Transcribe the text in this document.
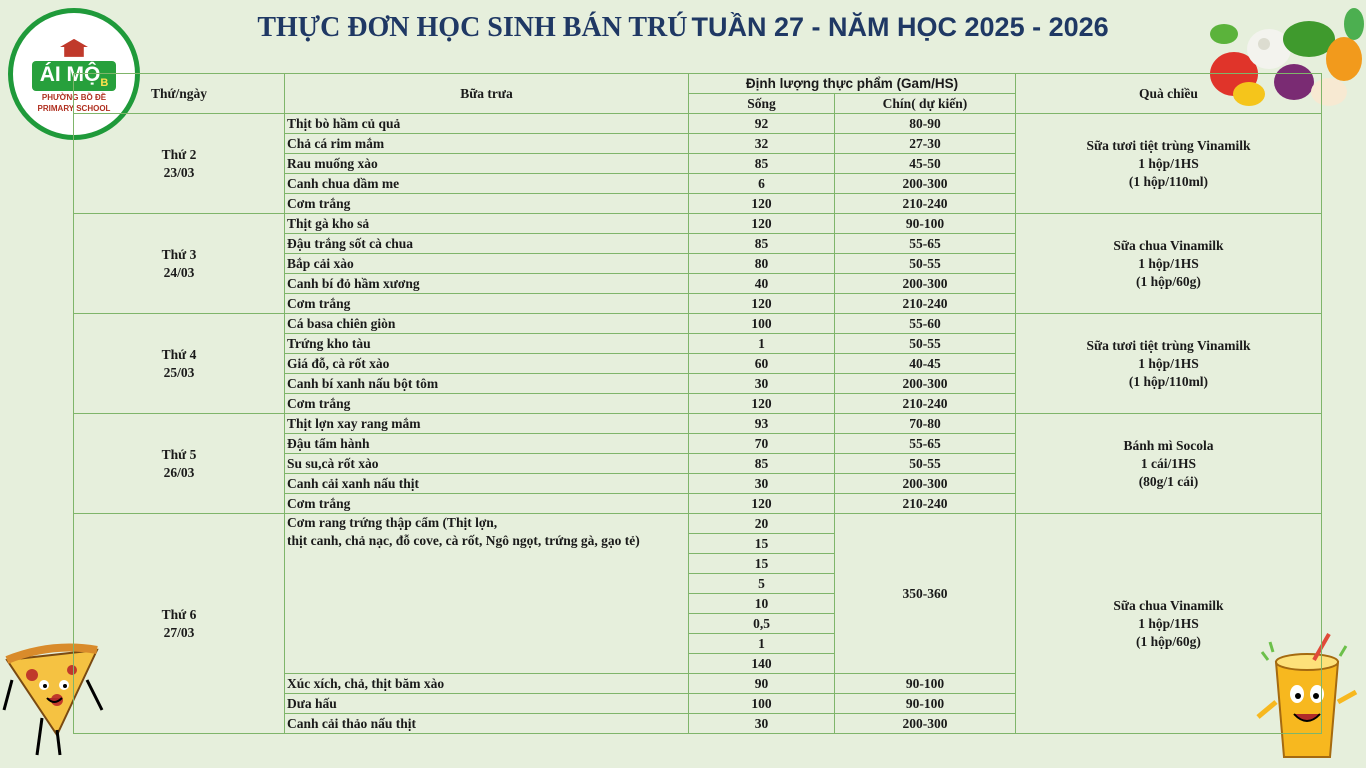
THỰC ĐƠN HỌC SINH BÁN TRÚ TUẦN 27 - NĂM HỌC 2025 - 2026
ÁI MỘ$_B$
PHƯỜNG BỒ ĐỀ
PRIMARY SCHOOL
Thứ/ngày	Bữa trưa	Định lượng thực phẩm (Gam/HS)		Quà chiều
		Sống	Chín( dự kiến)	
Thứ 2
23/03	Thịt bò hầm củ quả	92	80-90	Sữa tươi tiệt trùng Vinamilk
1 hộp/1HS
(1 hộp/110ml)
	Chả cá rim mắm	32	27-30	
	Rau muống xào	85	45-50	
	Canh chua dầm me	6	200-300	
	Cơm trắng	120	210-240	
Thứ 3
24/03	Thịt gà kho sả	120	90-100	Sữa chua Vinamilk
1 hộp/1HS
(1 hộp/60g)
	Đậu trắng sốt cà chua	85	55-65	
	Bắp cải xào	80	50-55	
	Canh bí đỏ hầm xương	40	200-300	
	Cơm trắng	120	210-240	
Thứ 4
25/03	Cá basa chiên giòn	100	55-60	Sữa tươi tiệt trùng Vinamilk
1 hộp/1HS
(1 hộp/110ml)
	Trứng kho tàu	1	50-55	
	Giá đỗ, cà rốt xào	60	40-45	
	Canh bí xanh nấu bột tôm	30	200-300	
	Cơm trắng	120	210-240	
Thứ 5
26/03	Thịt lợn xay rang mắm	93	70-80	Bánh mì Socola
1 cái/1HS
(80g/1 cái)
	Đậu tẩm hành	70	55-65	
	Su su,cà rốt xào	85	50-55	
	Canh cải xanh nấu thịt	30	200-300	
	Cơm trắng	120	210-240	
Thứ 6
27/03	Cơm rang trứng thập cẩm (Thịt lợn,
thịt canh, chả nạc, đỗ cove, cà rốt, Ngô ngọt, trứng gà, gạo tẻ)	20	350-360	Sữa chua Vinamilk
1 hộp/1HS
(1 hộp/60g)
		15		
		15		
		5		
		10		
		0,5		
		1		
		140		
	Xúc xích, chả, thịt băm xào	90	90-100	
	Dưa hấu	100	90-100	
	Canh cải thảo nấu thịt	30	200-300	
